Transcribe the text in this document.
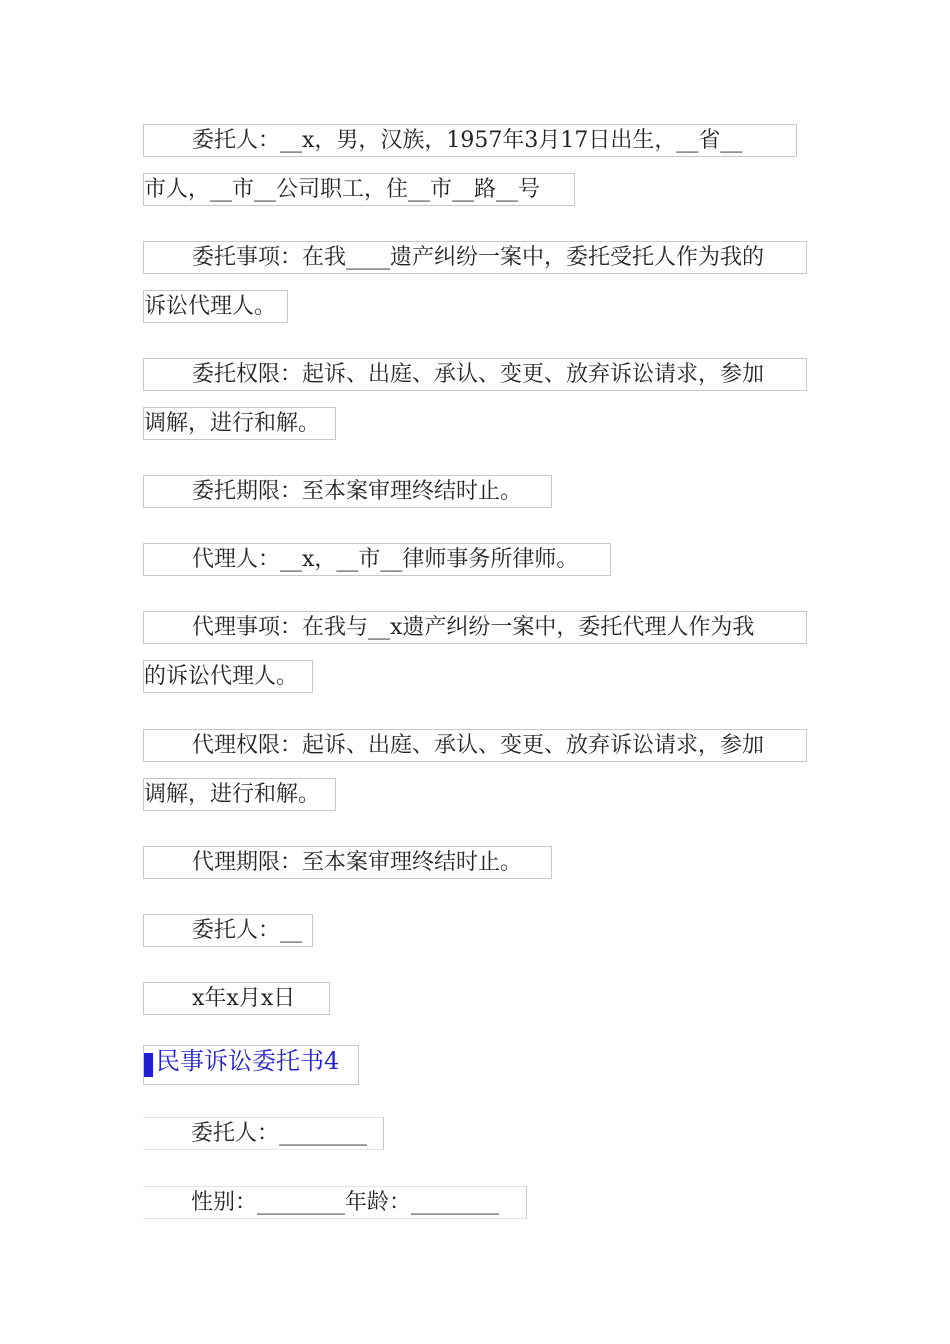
委托人：__x，男，汉族，1957年3月17日出生，__省__
市人，__市__公司职工，住__市__路__号
委托事项：在我____遗产纠纷一案中，委托受托人作为我的
诉讼代理人。
委托权限：起诉、出庭、承认、变更、放弃诉讼请求，参加
调解，进行和解。
委托期限：至本案审理终结时止。
代理人：__x，__市__律师事务所律师。
代理事项：在我与__x遗产纠纷一案中，委托代理人作为我
的诉讼代理人。
代理权限：起诉、出庭、承认、变更、放弃诉讼请求，参加
调解，进行和解。
代理期限：至本案审理终结时止。
委托人：__
x年x月x日
民事诉讼委托书4
委托人：________
性别：________年龄：________
